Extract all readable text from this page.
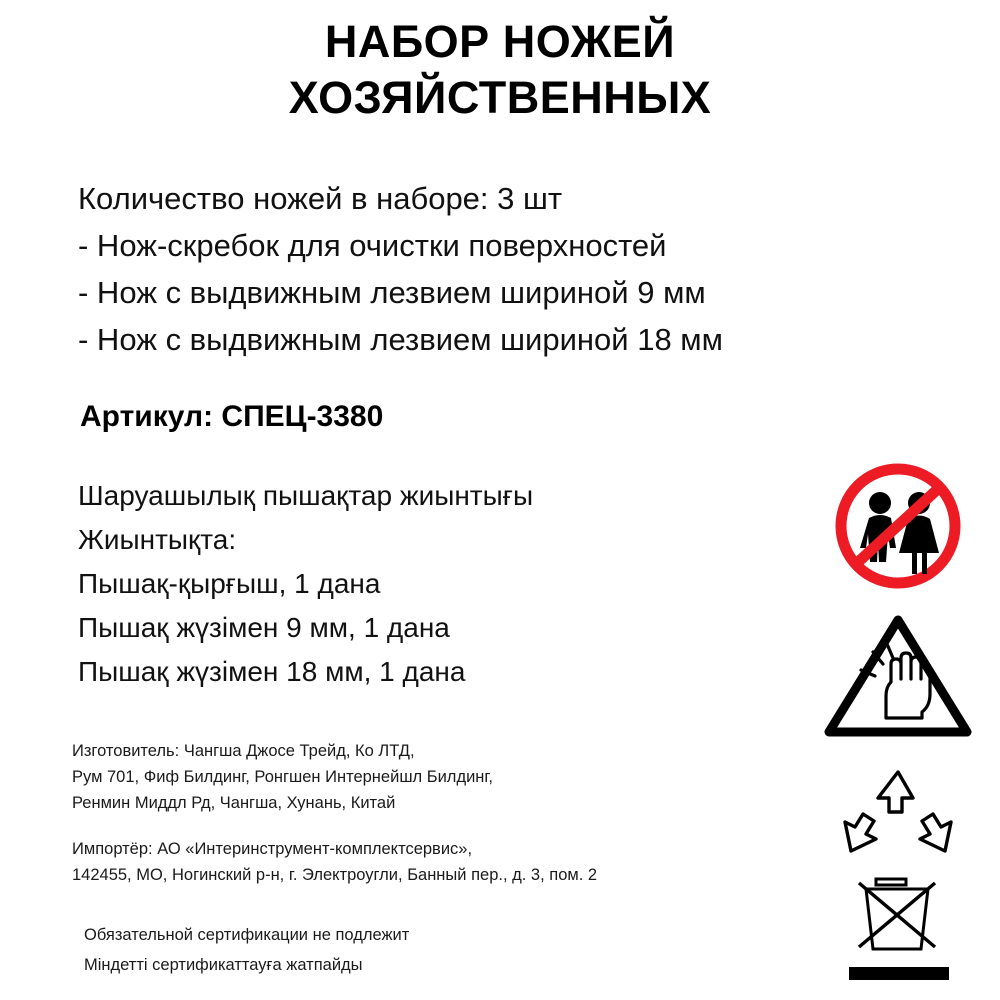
НАБОР НОЖЕЙ
ХОЗЯЙСТВЕННЫХ
Количество ножей в наборе: 3 шт
- Нож-скребок для очистки поверхностей
- Нож с выдвижным лезвием шириной 9 мм
- Нож с выдвижным лезвием шириной 18 мм
Артикул: СПЕЦ-3380
Шаруашылық пышақтар жиынтығы
Жиынтықта:
Пышақ-қырғыш, 1 дана
Пышақ жүзімен 9 мм, 1 дана
Пышақ жүзімен 18 мм, 1 дана
Изготовитель: Чангша Джосе Трейд, Ко ЛТД,
Рум 701, Фиф Билдинг, Ронгшен Интернейшл Билдинг,
Ренмин Миддл Рд, Чангша, Хунань, Китай
Импортёр: АО «Интеринструмент-комплектсервис»,
142455, МО, Ногинский р-н, г. Электроугли, Банный пер., д. 3, пом. 2
Обязательной сертификации не подлежит
Міндетті сертификаттауға жатпайды
